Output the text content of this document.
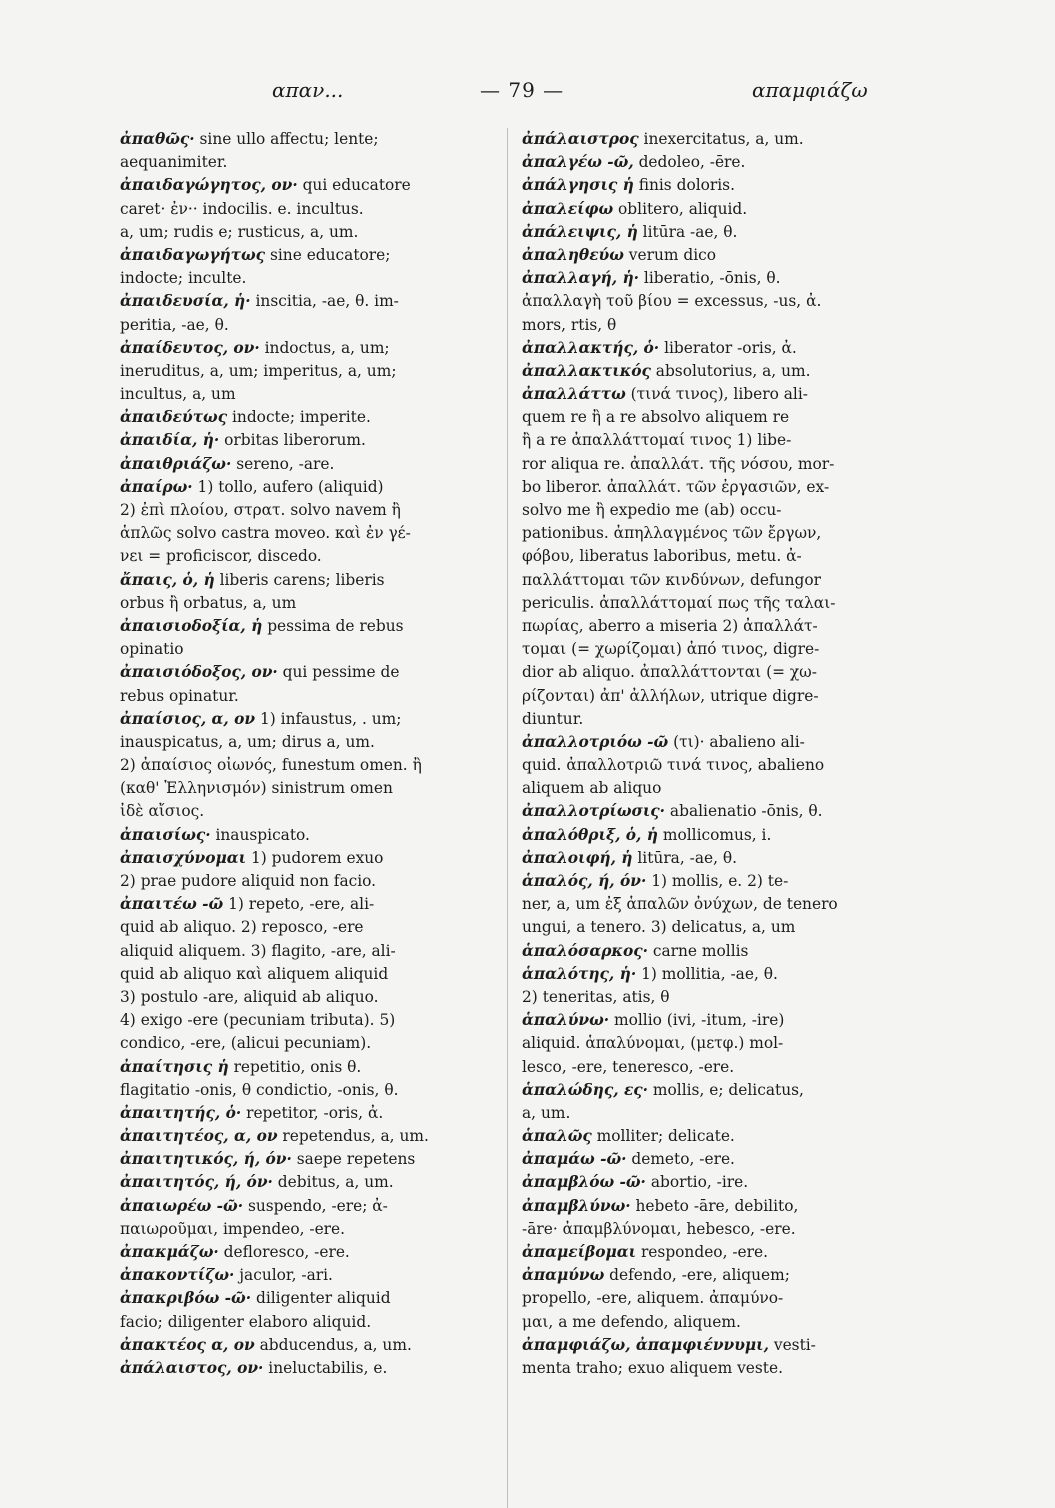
απαν...	— 79 —	απαμφιάζω
ἀπαθῶς· sine ullo affectu; lente;
aequanimiter.
ἀπαιδαγώγητος, ον· qui educatore
caret· ἐν·· indocilis. e. incultus.
a, um; rudis e; rusticus, a, um.
ἀπαιδαγωγήτως sine educatore;
indocte; inculte.
ἀπαιδευσία, ἡ· inscitia, -ae, θ. im-
peritia, -ae, θ.
ἀπαίδευτος, ον· indoctus, a, um;
ineruditus, a, um; imperitus, a, um;
incultus, a, um
ἀπαιδεύτως indocte; imperite.
ἀπαιδία, ἡ· orbitas liberorum.
ἀπαιθριάζω· sereno, -are.
ἀπαίρω· 1) tollo, aufero (aliquid)
2) ἐπὶ πλοίου, στρατ. solvo navem ἢ
ἁπλῶς solvo castra moveo. καὶ ἐν γέ-
νει = proficiscor, discedo.
ἄπαις, ὁ, ἡ liberis carens; liberis
orbus ἢ orbatus, a, um
ἀπαισιοδοξία, ἡ pessima de rebus
opinatio
ἀπαισιόδοξος, ον· qui pessime de
rebus opinatur.
ἀπαίσιος, α, ον 1) infaustus, . um;
inauspicatus, a, um; dirus a, um.
2) ἀπαίσιος οἰωνός, funestum omen. ἢ
(καθ' Ἑλληνισμόν) sinistrum omen
ἰδὲ αἴσιος.
ἀπαισίως· inauspicato.
ἀπαισχύνομαι 1) pudorem exuo
2) prae pudore aliquid non facio.
ἀπαιτέω -ῶ 1) repeto, -ere, ali-
quid ab aliquo. 2) reposco, -ere
aliquid aliquem. 3) flagito, -are, ali-
quid ab aliquo καὶ aliquem aliquid
3) postulo -are, aliquid ab aliquo.
4) exigo -ere (pecuniam tributa). 5)
condico, -ere, (alicui pecuniam).
ἀπαίτησις ἡ repetitio, onis θ.
flagitatio -onis, θ condictio, -onis, θ.
ἀπαιτητής, ὁ· repetitor, -oris, ἀ.
ἀπαιτητέος, α, ον repetendus, a, um.
ἀπαιτητικός, ή, όν· saepe repetens
ἀπαιτητός, ή, όν· debitus, a, um.
ἀπαιωρέω -ῶ· suspendo, -ere; ἀ-
παιωροῦμαι, impendeo, -ere.
ἀπακμάζω· defloresco, -ere.
ἀπακοντίζω· jaculor, -ari.
ἀπακριβόω -ῶ· diligenter aliquid
facio; diligenter elaboro aliquid.
ἀπακτέος α, ον abducendus, a, um.
ἀπάλαιστος, ον· ineluctabilis, e.
ἀπάλαιστρος inexercitatus, a, um.
ἀπαλγέω -ῶ, dedoleo, -ēre.
ἀπάλγησις ἡ finis doloris.
ἀπαλείφω oblitero, aliquid.
ἀπάλειψις, ἡ litūra -ae, θ.
ἀπαληθεύω verum dico
ἀπαλλαγή, ἡ· liberatio, -ōnis, θ.
ἀπαλλαγὴ τοῦ βίου = excessus, -us, ἀ.
mors, rtis, θ
ἀπαλλακτής, ὁ· liberator -oris, ἀ.
ἀπαλλακτικός absolutorius, a, um.
ἀπαλλάττω (τινά τινος), libero ali-
quem re ἢ a re absolvo aliquem re
ἢ a re ἀπαλλάττομαί τινος 1) libe-
ror aliqua re. ἀπαλλάτ. τῆς νόσου, mor-
bo liberor. ἀπαλλάτ. τῶν ἐργασιῶν, ex-
solvo me ἢ expedio me (ab) occu-
pationibus. ἀπηλλαγμένος τῶν ἔργων,
φόβου, liberatus laboribus, metu. ἀ-
παλλάττομαι τῶν κινδύνων, defungor
periculis. ἀπαλλάττομαί πως τῆς ταλαι-
πωρίας, aberro a miseria 2) ἀπαλλάτ-
τομαι (= χωρίζομαι) ἀπό τινος, digre-
dior ab aliquo. ἀπαλλάττονται (= χω-
ρίζονται) ἀπ' ἀλλήλων, utrique digre-
diuntur.
ἀπαλλοτριόω -ῶ (τι)· abalieno ali-
quid. ἀπαλλοτριῶ τινά τινος, abalieno
aliquem ab aliquo
ἀπαλλοτρίωσις· abalienatio -ōnis, θ.
ἀπαλόθριξ, ὁ, ἡ mollicomus, i.
ἀπαλοιφή, ἡ litūra, -ae, θ.
ἁπαλός, ή, όν· 1) mollis, e. 2) te-
ner, a, um ἐξ ἁπαλῶν ὀνύχων, de tenero
ungui, a tenero. 3) delicatus, a, um
ἁπαλόσαρκος· carne mollis
ἁπαλότης, ἡ· 1) mollitia, -ae, θ.
2) teneritas, atis, θ
ἁπαλύνω· mollio (ivi, -itum, -ire)
aliquid. ἁπαλύνομαι, (μετφ.) mol-
lesco, -ere, teneresco, -ere.
ἁπαλώδης, ες· mollis, e; delicatus,
a, um.
ἁπαλῶς molliter; delicate.
ἀπαμάω -ῶ· demeto, -ere.
ἀπαμβλόω -ῶ· abortio, -ire.
ἀπαμβλύνω· hebeto -āre, debilito,
-āre· ἀπαμβλύνομαι, hebesco, -ere.
ἀπαμείβομαι respondeo, -ere.
ἀπαμύνω defendo, -ere, aliquem;
propello, -ere, aliquem. ἀπαμύνο-
μαι, a me defendo, aliquem.
ἀπαμφιάζω, ἀπαμφιέννυμι, vesti-
menta traho; exuo aliquem veste.
